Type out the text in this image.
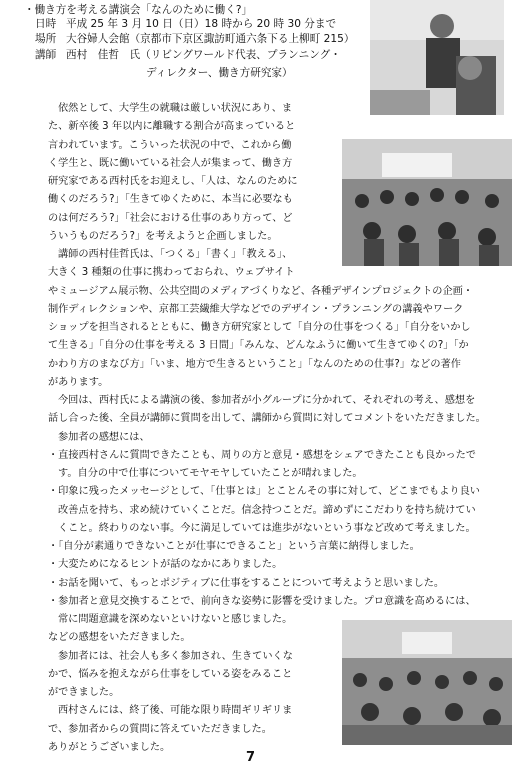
・働き方を考える講演会「なんのために働く?」
日時 平成 25 年 3 月 10 日（日）18 時から 20 時 30 分まで
場所 大谷婦人会館（京都市下京区諏訪町通六条下る上柳町 215）
講師 西村　佳哲　氏（リビングワールド代表、プランニング・
ディレクター、働き方研究家）
依然として、大学生の就職は厳しい状況にあり、ま
た、新卒後 3 年以内に離職する割合が高まっていると
言われています。こういった状況の中で、これから働
く学生と、既に働いている社会人が集まって、働き方
研究家である西村氏をお迎えし、「人は、なんのために
働くのだろう?」「生きてゆくために、本当に必要なも
のは何だろう?」「社会における仕事のあり方って、ど
ういうものだろう?」を考えようと企画しました。
講師の西村佳哲氏は、「つくる」「書く」「教える」、
大きく 3 種類の仕事に携わっておられ、ウェブサイト
やミュージアム展示物、公共空間のメディアづくりなど、各種デザインプロジェクトの企画・
制作ディレクションや、京都工芸繊維大学などでのデザイン・プランニングの講義やワーク
ショップを担当されるとともに、働き方研究家として「自分の仕事をつくる」「自分をいかし
て生きる」「自分の仕事を考える 3 日間」「みんな、どんなふうに働いて生きてゆくの?」「か
かわり方のまなび方」「いま、地方で生きるということ」「なんのための仕事?」などの著作
があります。
今回は、西村氏による講演の後、参加者が小グループに分かれて、それぞれの考え、感想を
話し合った後、全員が講師に質問を出して、講師から質問に対してコメントをいただきました。
参加者の感想には、
・直接西村さんに質問できたことも、周りの方と意見・感想をシェアできたことも良かったで
す。自分の中で仕事についてモヤモヤしていたことが晴れました。
・印象に残ったメッセージとして、「仕事とは」とことんその事に対して、どこまでもより良い
改善点を持ち、求め続けていくことだ。信念持つことだ。諦めずにこだわりを持ち続けてい
くこと。終わりのない事。今に満足していては進歩がないという事など改めて考えました。
・「自分が素通りできないことが仕事にできること」という言葉に納得しました。
・大変ためになるヒントが話のなかにありました。
・お話を聞いて、もっとポジティブに仕事をすることについて考えようと思いました。
・参加者と意見交換することで、前向きな姿勢に影響を受けました。プロ意識を高めるには、
常に問題意識を深めないといけないと感じました。
などの感想をいただきました。
参加者には、社会人も多く参加され、生きていくな
かで、悩みを抱えながら仕事をしている姿をみること
ができました。
西村さんには、終了後、可能な限り時間ギリギリま
で、参加者からの質問に答えていただきました。
ありがとうございました。
7
